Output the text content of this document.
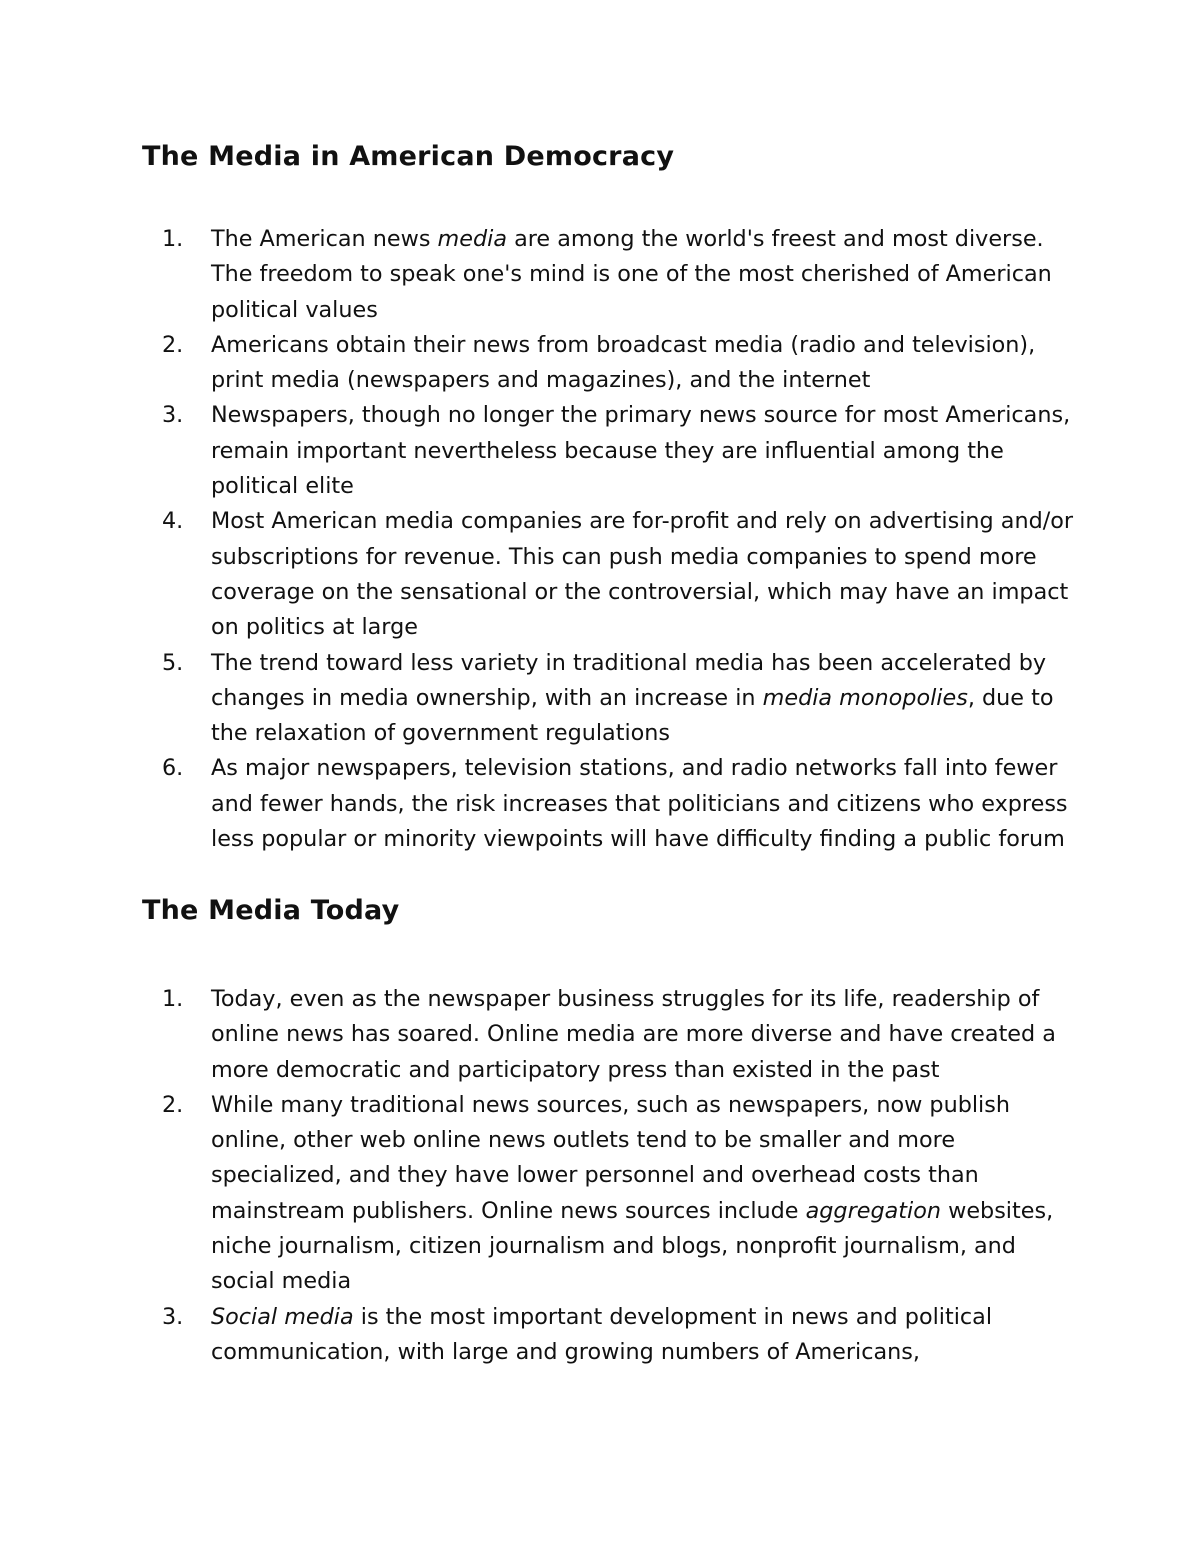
The Media in American Democracy
1. The American news media are among the world's freest and most diverse. The freedom to speak one's mind is one of the most cherished of American political values
2. Americans obtain their news from broadcast media (radio and television), print media (newspapers and magazines), and the internet
3. Newspapers, though no longer the primary news source for most Americans, remain important nevertheless because they are influential among the political elite
4. Most American media companies are for-profit and rely on advertising and/or subscriptions for revenue. This can push media companies to spend more coverage on the sensational or the controversial, which may have an impact on politics at large
5. The trend toward less variety in traditional media has been accelerated by changes in media ownership, with an increase in media monopolies, due to the relaxation of government regulations
6. As major newspapers, television stations, and radio networks fall into fewer and fewer hands, the risk increases that politicians and citizens who express less popular or minority viewpoints will have difficulty finding a public forum
The Media Today
1. Today, even as the newspaper business struggles for its life, readership of online news has soared. Online media are more diverse and have created a more democratic and participatory press than existed in the past
2. While many traditional news sources, such as newspapers, now publish online, other web online news outlets tend to be smaller and more specialized, and they have lower personnel and overhead costs than mainstream publishers. Online news sources include aggregation websites, niche journalism, citizen journalism and blogs, nonprofit journalism, and social media
3. Social media is the most important development in news and political communication, with large and growing numbers of Americans,
